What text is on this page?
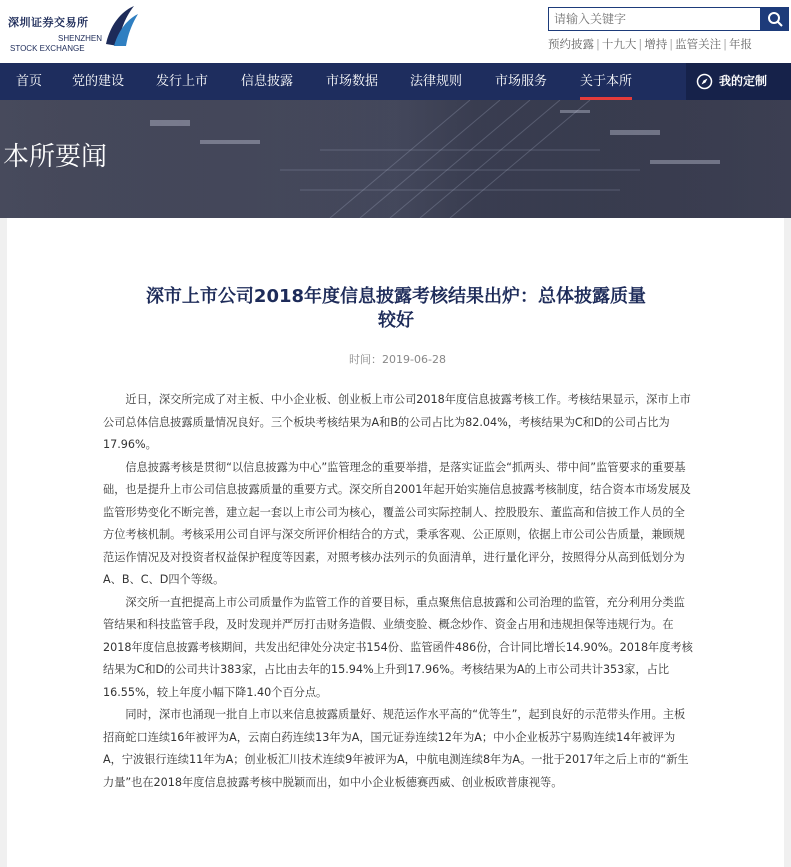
深圳证券交易所
SHENZHEN
STOCK EXCHANGE
请输入关键字	预约披露 | 十九大 | 增持 | 监管关注 | 年报
首页 党的建设 发行上市	信息披露	市场数据 法律规则	市场服务	关于本所	我的定制
本所要闻
深市上市公司2018年度信息披露考核结果出炉：总体披露质量
较好
时间：2019-06-28

近日，深交所完成了对主板、中小企业板、创业板上市公司2018年度信息披露考核工作。考核结果显示，深市上市公司总体信息披露质量情况良好。三个板块考核结果为A和B的公司占比为82.04%，考核结果为C和D的公司占比为17.96%。

信息披露考核是贯彻“以信息披露为中心”监管理念的重要举措，是落实证监会“抓两头、带中间”监管要求的重要基础，也是提升上市公司信息披露质量的重要方式。深交所自2001年起开始实施信息披露考核制度，结合资本市场发展及监管形势变化不断完善，建立起一套以上市公司为核心，覆盖公司实际控制人、控股股东、董监高和信披工作人员的全方位考核机制。考核采用公司自评与深交所评价相结合的方式，秉承客观、公正原则，依据上市公司公告质量，兼顾规范运作情况及对投资者权益保护程度等因素，对照考核办法列示的负面清单，进行量化评分，按照得分从高到低划分为A、B、C、D四个等级。

深交所一直把提高上市公司质量作为监管工作的首要目标，重点聚焦信息披露和公司治理的监管，充分利用分类监管结果和科技监管手段，及时发现并严厉打击财务造假、业绩变脸、概念炒作、资金占用和违规担保等违规行为。在2018年度信息披露考核期间，共发出纪律处分决定书154份、监管函件486份，合计同比增长14.90%。2018年度考核结果为C和D的公司共计383家，占比由去年的15.94%上升到17.96%。考核结果为A的上市公司共计353家，占比16.55%，较上年度小幅下降1.40个百分点。

同时，深市也涌现一批自上市以来信息披露质量好、规范运作水平高的“优等生”，起到良好的示范带头作用。主板招商蛇口连续16年被评为A，云南白药连续13年为A，国元证券连续12年为A；中小企业板苏宁易购连续14年被评为A，宁波银行连续11年为A；创业板汇川技术连续9年被评为A，中航电测连续8年为A。一批于2017年之后上市的“新生力量”也在2018年度信息披露考核中脱颖而出，如中小企业板德赛西威、创业板欧普康视等。
